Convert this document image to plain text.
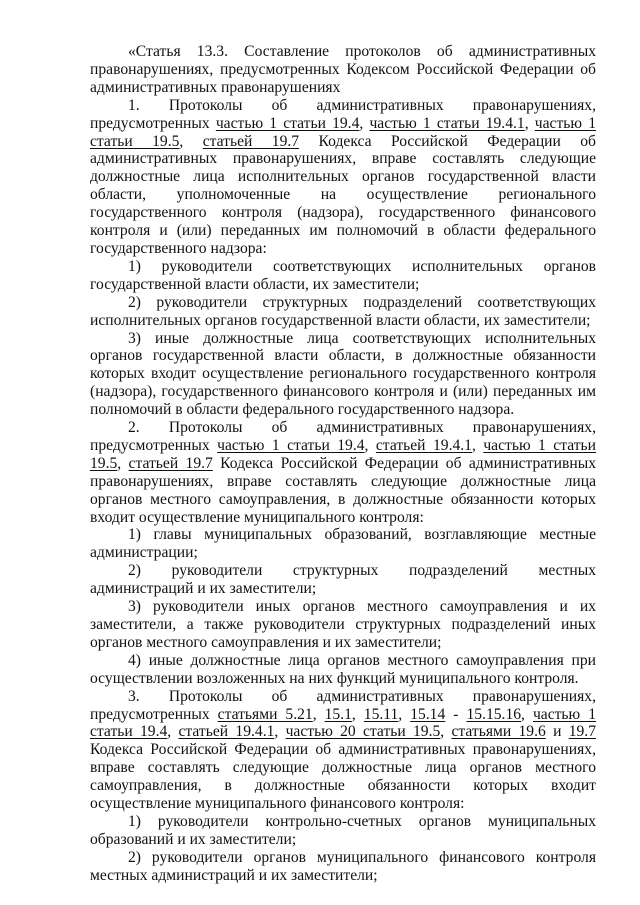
«Статья 13.3. Составление протоколов об административных правонарушениях, предусмотренных Кодексом Российской Федерации об административных правонарушениях

1. Протоколы об административных правонарушениях, предусмотренных частью 1 статьи 19.4, частью 1 статьи 19.4.1, частью 1 статьи 19.5, статьей 19.7 Кодекса Российской Федерации об административных правонарушениях, вправе составлять следующие должностные лица исполнительных органов государственной власти области, уполномоченные на осуществление регионального государственного контроля (надзора), государственного финансового контроля и (или) переданных им полномочий в области федерального государственного надзора:

1) руководители соответствующих исполнительных органов государственной власти области, их заместители;

2) руководители структурных подразделений соответствующих исполнительных органов государственной власти области, их заместители;

3) иные должностные лица соответствующих исполнительных органов государственной власти области, в должностные обязанности которых входит осуществление регионального государственного контроля (надзора), государственного финансового контроля и (или) переданных им полномочий в области федерального государственного надзора.

2. Протоколы об административных правонарушениях, предусмотренных частью 1 статьи 19.4, статьей 19.4.1, частью 1 статьи 19.5, статьей 19.7 Кодекса Российской Федерации об административных правонарушениях, вправе составлять следующие должностные лица органов местного самоуправления, в должностные обязанности которых входит осуществление муниципального контроля:

1) главы муниципальных образований, возглавляющие местные администрации;

2) руководители структурных подразделений местных администраций и их заместители;

3) руководители иных органов местного самоуправления и их заместители, а также руководители структурных подразделений иных органов местного самоуправления и их заместители;

4) иные должностные лица органов местного самоуправления при осуществлении возложенных на них функций муниципального контроля.

3. Протоколы об административных правонарушениях, предусмотренных статьями 5.21, 15.1, 15.11, 15.14 - 15.15.16, частью 1 статьи 19.4, статьей 19.4.1, частью 20 статьи 19.5, статьями 19.6 и 19.7 Кодекса Российской Федерации об административных правонарушениях, вправе составлять следующие должностные лица органов местного самоуправления, в должностные обязанности которых входит осуществление муниципального финансового контроля:

1) руководители контрольно-счетных органов муниципальных образований и их заместители;

2) руководители органов муниципального финансового контроля местных администраций и их заместители;
